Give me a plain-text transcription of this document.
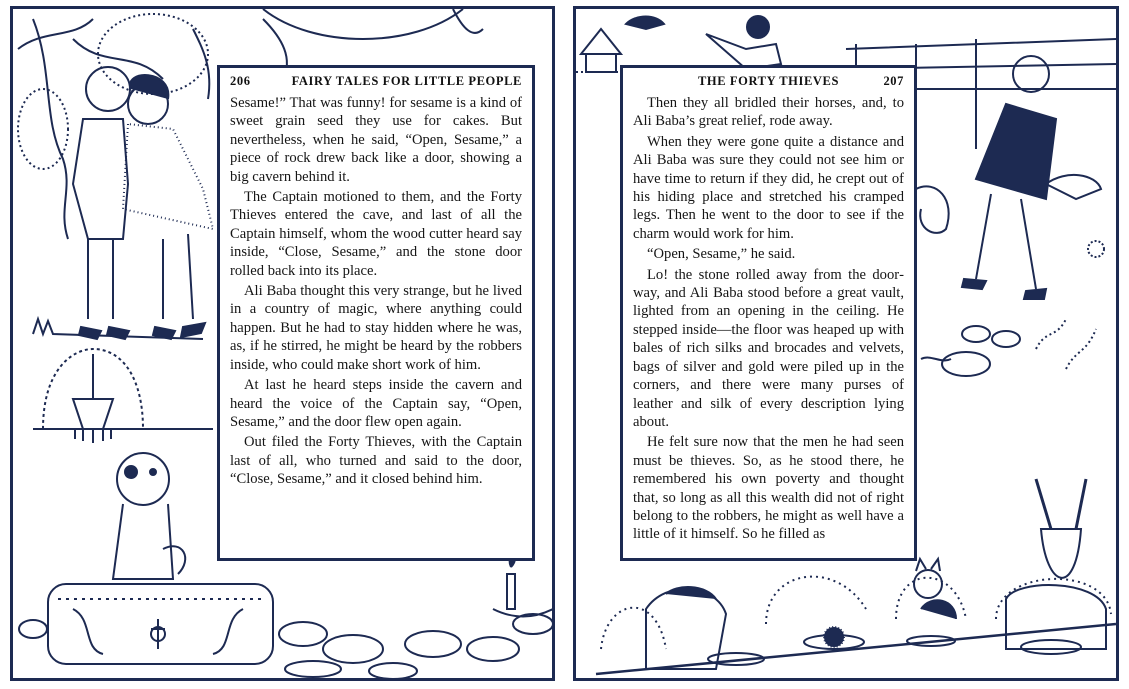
206	FAIRY TALES FOR LITTLE PEOPLE

Sesame!” That was funny! for sesame is a kind of sweet grain seed they use for cakes. But nevertheless, when he said, “Open, Sesame,” a piece of rock drew back like a door, showing a big cavern behind it.

The Captain motioned to them, and the Forty Thieves entered the cave, and last of all the Captain himself, whom the wood cutter heard say inside, “Close, Sesame,” and the stone door rolled back into its place.

Ali Baba thought this very strange, but he lived in a country of magic, where anything could happen. But he had to stay hidden where he was, as, if he stirred, he might be heard by the robbers inside, who could make short work of him.

At last he heard steps inside the cavern and heard the voice of the Captain say, “Open, Sesame,” and the door flew open again.

Out filed the Forty Thieves, with the Captain last of all, who turned and said to the door, “Close, Sesame,” and it closed behind him.

THE FORTY THIEVES	207

Then they all bridled their horses, and, to Ali Baba’s great relief, rode away.

When they were gone quite a distance and Ali Baba was sure they could not see him or have time to return if they did, he crept out of his hiding place and stretched his cramped legs. Then he went to the door to see if the charm would work for him.

“Open, Sesame,” he said.

Lo! the stone rolled away from the doorway, and Ali Baba stood before a great vault, lighted from an opening in the ceiling. He stepped inside—the floor was heaped up with bales of rich silks and brocades and velvets, bags of silver and gold were piled up in the corners, and there were many purses of leather and silk of every description lying about.

He felt sure now that the men he had seen must be thieves. So, as he stood there, he remembered his own poverty and thought that, so long as all this wealth did not of right belong to the robbers, he might as well have a little of it himself. So he filled as
